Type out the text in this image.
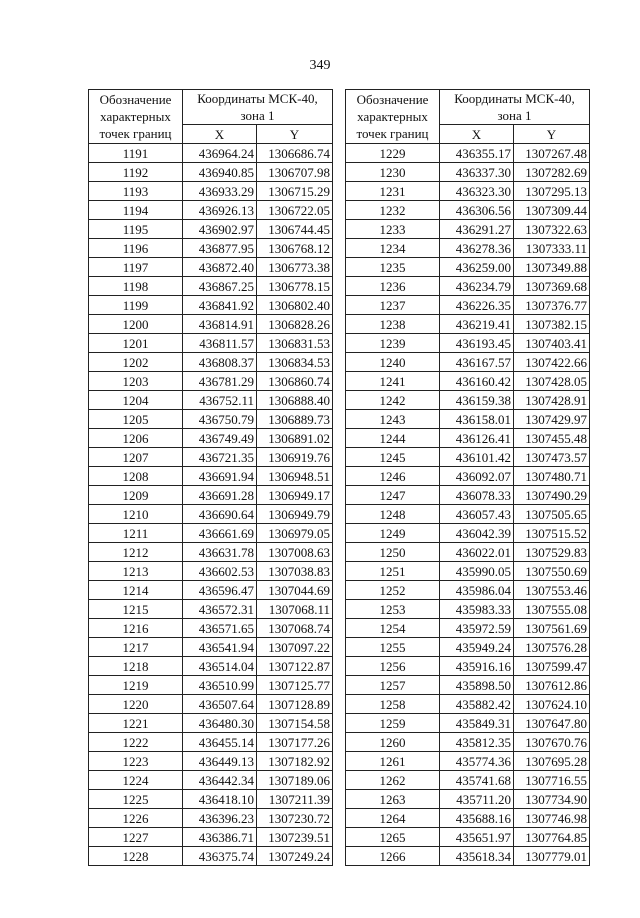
349
Обозначение
характерных
точек границ	Координаты МСК-40,
зона 1	

	X	Y
1191	436964.24	1306686.74
1192	436940.85	1306707.98
1193	436933.29	1306715.29
1194	436926.13	1306722.05
1195	436902.97	1306744.45
1196	436877.95	1306768.12
1197	436872.40	1306773.38
1198	436867.25	1306778.15
1199	436841.92	1306802.40
1200	436814.91	1306828.26
1201	436811.57	1306831.53
1202	436808.37	1306834.53
1203	436781.29	1306860.74
1204	436752.11	1306888.40
1205	436750.79	1306889.73
1206	436749.49	1306891.02
1207	436721.35	1306919.76
1208	436691.94	1306948.51
1209	436691.28	1306949.17
1210	436690.64	1306949.79
1211	436661.69	1306979.05
1212	436631.78	1307008.63
1213	436602.53	1307038.83
1214	436596.47	1307044.69
1215	436572.31	1307068.11
1216	436571.65	1307068.74
1217	436541.94	1307097.22
1218	436514.04	1307122.87
1219	436510.99	1307125.77
1220	436507.64	1307128.89
1221	436480.30	1307154.58
1222	436455.14	1307177.26
1223	436449.13	1307182.92
1224	436442.34	1307189.06
1225	436418.10	1307211.39
1226	436396.23	1307230.72
1227	436386.71	1307239.51
1228	436375.74	1307249.24
Обозначение
характерных
точек границ	Координаты МСК-40,
зона 1	

	X	Y
1229	436355.17	1307267.48
1230	436337.30	1307282.69
1231	436323.30	1307295.13
1232	436306.56	1307309.44
1233	436291.27	1307322.63
1234	436278.36	1307333.11
1235	436259.00	1307349.88
1236	436234.79	1307369.68
1237	436226.35	1307376.77
1238	436219.41	1307382.15
1239	436193.45	1307403.41
1240	436167.57	1307422.66
1241	436160.42	1307428.05
1242	436159.38	1307428.91
1243	436158.01	1307429.97
1244	436126.41	1307455.48
1245	436101.42	1307473.57
1246	436092.07	1307480.71
1247	436078.33	1307490.29
1248	436057.43	1307505.65
1249	436042.39	1307515.52
1250	436022.01	1307529.83
1251	435990.05	1307550.69
1252	435986.04	1307553.46
1253	435983.33	1307555.08
1254	435972.59	1307561.69
1255	435949.24	1307576.28
1256	435916.16	1307599.47
1257	435898.50	1307612.86
1258	435882.42	1307624.10
1259	435849.31	1307647.80
1260	435812.35	1307670.76
1261	435774.36	1307695.28
1262	435741.68	1307716.55
1263	435711.20	1307734.90
1264	435688.16	1307746.98
1265	435651.97	1307764.85
1266	435618.34	1307779.01
